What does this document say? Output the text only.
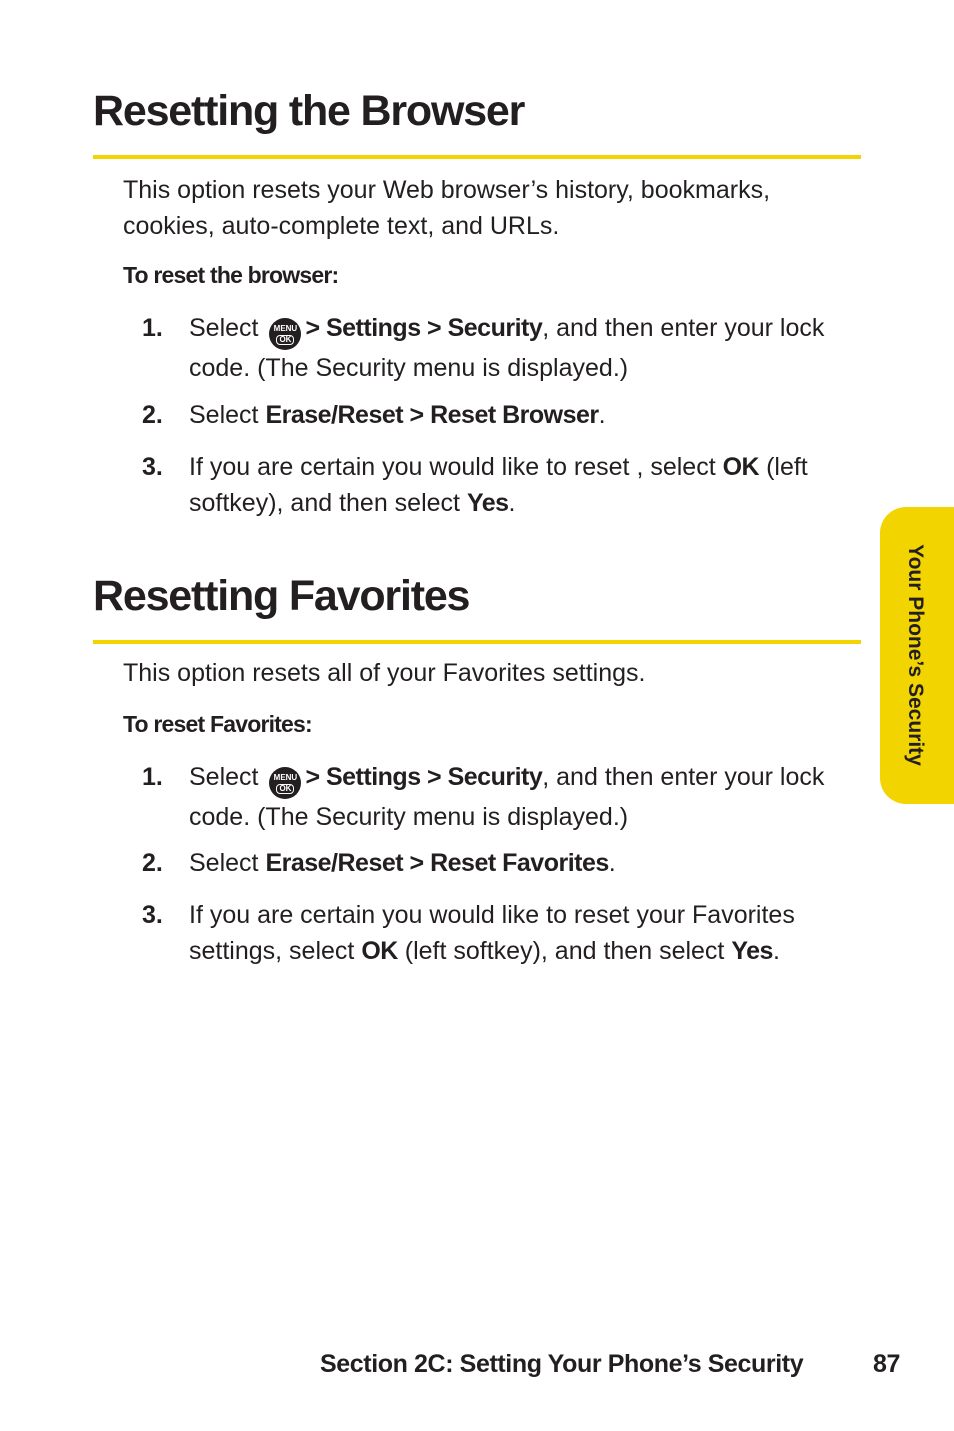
Resetting the Browser
This option resets your Web browser’s history, bookmarks, cookies, auto-complete text, and URLs.
To reset the browser:
1. Select	MENU
OK > Settings > Security, and then enter your lock code. (The Security menu is displayed.)
2. Select Erase/Reset > Reset Browser.
3. If you are certain you would like to reset , select OK (left softkey), and then select Yes.
Resetting Favorites
This option resets all of your Favorites settings.
To reset Favorites:
1. Select	MENU
OK > Settings > Security, and then enter your lock code. (The Security menu is displayed.)
2. Select Erase/Reset > Reset Favorites.
3. If you are certain you would like to reset your Favorites settings, select OK (left softkey), and then select Yes.
Your Phone’s Security
Section 2C: Setting Your Phone’s Security	87
